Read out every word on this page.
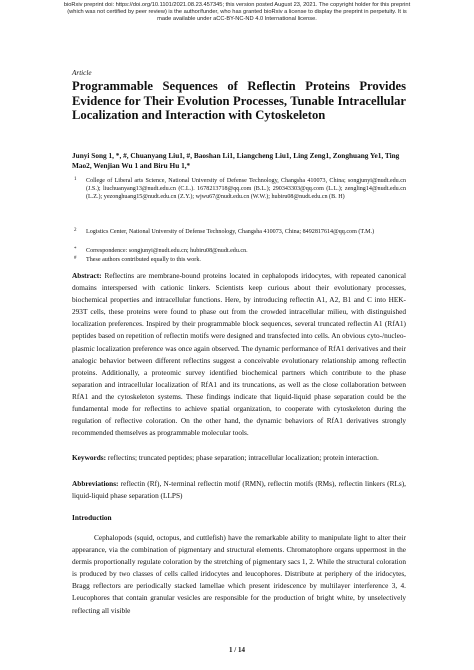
bioRxiv preprint doi: https://doi.org/10.1101/2021.08.23.457345; this version posted August 23, 2021. The copyright holder for this preprint
(which was not certified by peer review) is the author/funder, who has granted bioRxiv a license to display the preprint in perpetuity. It is
made available under aCC-BY-NC-ND 4.0 International license.
Article
Programmable Sequences of Reflectin Proteins Provides Evidence for Their Evolution Processes, Tunable Intracellular Localization and Interaction with Cytoskeleton
Junyi Song 1, *, #, Chuanyang Liu1, #, Baoshan Li1, Liangcheng Liu1, Ling Zeng1, Zonghuang Ye1, Ting Mao2, Wenjian Wu 1 and Biru Hu 1,*
1	College of Liberal arts Science, National University of Defense Technology, Changsha 410073, China; songjunyi@nudt.edu.cn (J.S.); liuchuanyang13@nudt.edu.cn (C.L.). 1678213718@qq.com (B.L.); 290343303@qq.com (L.L.); zengling14@nudt.edu.cn (L.Z.); yezonghuang15@nudt.edu.cn (Z.Y.); wjwu67@nudt.edu.cn (W.W.); hubiru08@nudt.edu.cn (B. H)
2	Logistics Center, National University of Defense Technology, Changsha 410073, China; 8492817614@qq.com (T.M.)
*	Correspondence: songjunyi@nudt.edu.cn; hubiru08@nudt.edu.cn.
#	These authors contributed equally to this work.

Abstract: Reflectins are membrane-bound proteins located in cephalopods iridocytes, with repeated canonical domains interspersed with cationic linkers. Scientists keep curious about their evolutionary processes, biochemical properties and intracellular functions. Here, by introducing reflectin A1, A2, B1 and C into HEK-293T cells, these proteins were found to phase out from the crowded intracellular milieu, with distinguished localization preferences. Inspired by their programmable block sequences, several truncated reflectin A1 (RfA1) peptides based on repetition of reflectin motifs were designed and transfected into cells. An obvious cyto-/nucleo-plasmic localization preference was once again observed. The dynamic performance of RfA1 derivatives and their analogic behavior between different reflectins suggest a conceivable evolutionary relationship among reflectin proteins. Additionally, a proteomic survey identified biochemical partners which contribute to the phase separation and intracellular localization of RfA1 and its truncations, as well as the close collaboration between RfA1 and the cytoskeleton systems. These findings indicate that liquid-liquid phase separation could be the fundamental mode for reflectins to achieve spatial organization, to cooperate with cytoskeleton during the regulation of reflective coloration. On the other hand, the dynamic behaviors of RfA1 derivatives strongly recommended themselves as programmable molecular tools.

Keywords: reflectins; truncated peptides; phase separation; intracellular localization; protein interaction.

Abbreviations: reflectin (Rf), N-terminal reflectin motif (RMN), reflectin motifs (RMs), reflectin linkers (RLs), liquid-liquid phase separation (LLPS)

Introduction

Cephalopods (squid, octopus, and cuttlefish) have the remarkable ability to manipulate light to alter their appearance, via the combination of pigmentary and structural elements. Chromatophore organs uppermost in the dermis proportionally regulate coloration by the stretching of pigmentary sacs 1, 2. While the structural coloration is produced by two classes of cells called iridocytes and leucophores. Distribute at periphery of the iridocytes, Bragg reflectors are periodically stacked lamellae which present iridescence by multilayer interference 3, 4. Leucophores that contain granular vesicles are responsible for the production of bright white, by unselectively reflecting all visible

1 / 14
